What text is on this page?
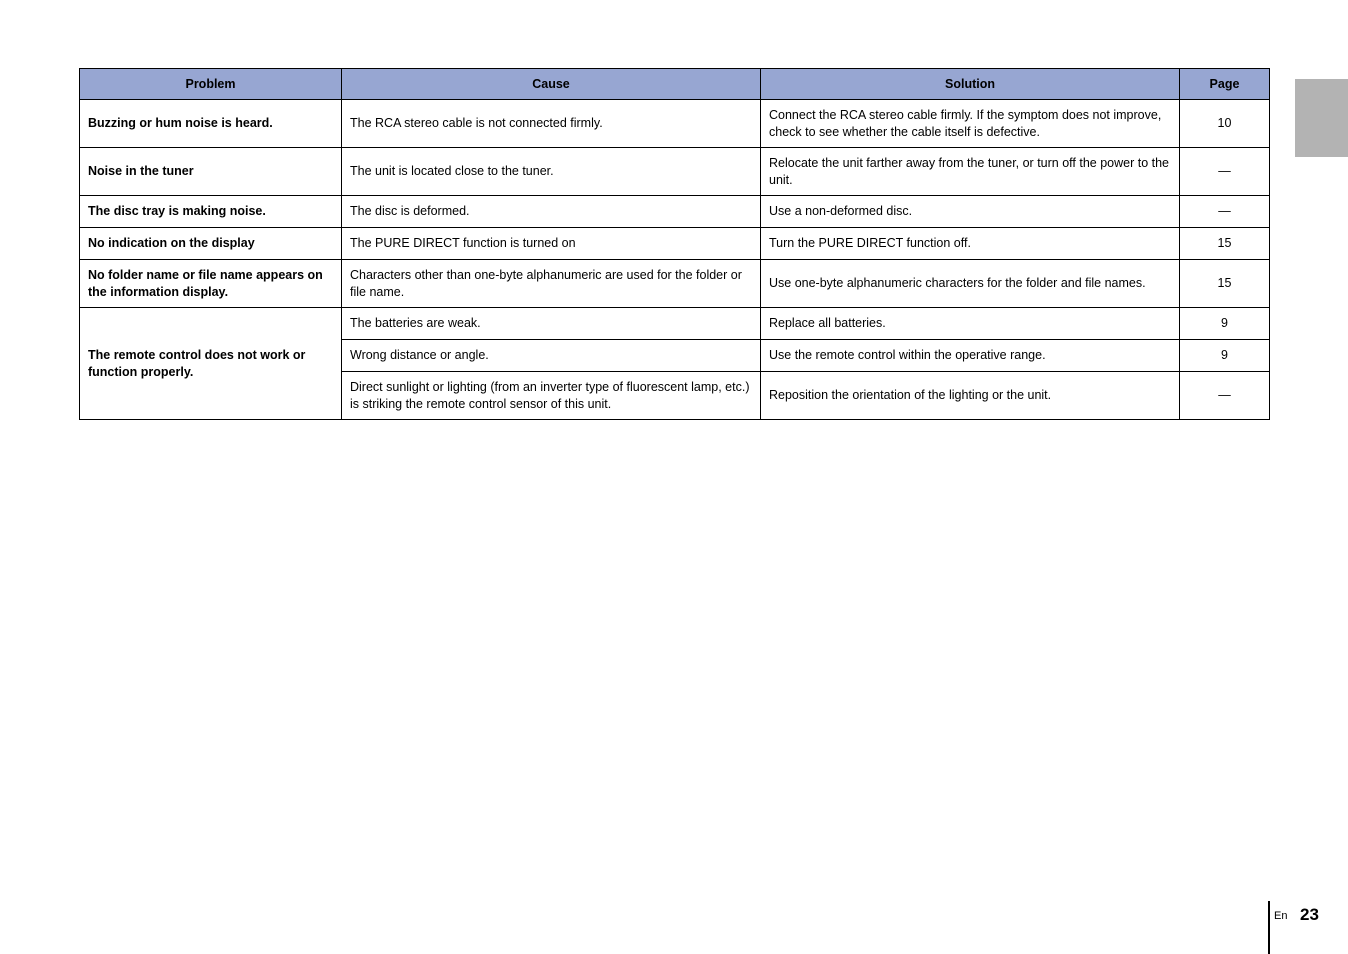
Problem	Cause	Solution	Page
Buzzing or hum noise is heard.	The RCA stereo cable is not connected firmly.	Connect the RCA stereo cable firmly. If the symptom does not improve, check to see whether the cable itself is defective.	10
Noise in the tuner	The unit is located close to the tuner.	Relocate the unit farther away from the tuner, or turn off the power to the unit.	—
The disc tray is making noise.	The disc is deformed.	Use a non-deformed disc.	—
No indication on the display	The PURE DIRECT function is turned on	Turn the PURE DIRECT function off.	15
No folder name or file name appears on the information display.	Characters other than one-byte alphanumeric are used for the folder or file name.	Use one-byte alphanumeric characters for the folder and file names.	15
The remote control does not work or function properly.	The batteries are weak.	Replace all batteries.	9
	Wrong distance or angle.	Use the remote control within the operative range.	9
	Direct sunlight or lighting (from an inverter type of fluorescent lamp, etc.) is striking the remote control sensor of this unit.	Reposition the orientation of the lighting or the unit.	—
En 23
